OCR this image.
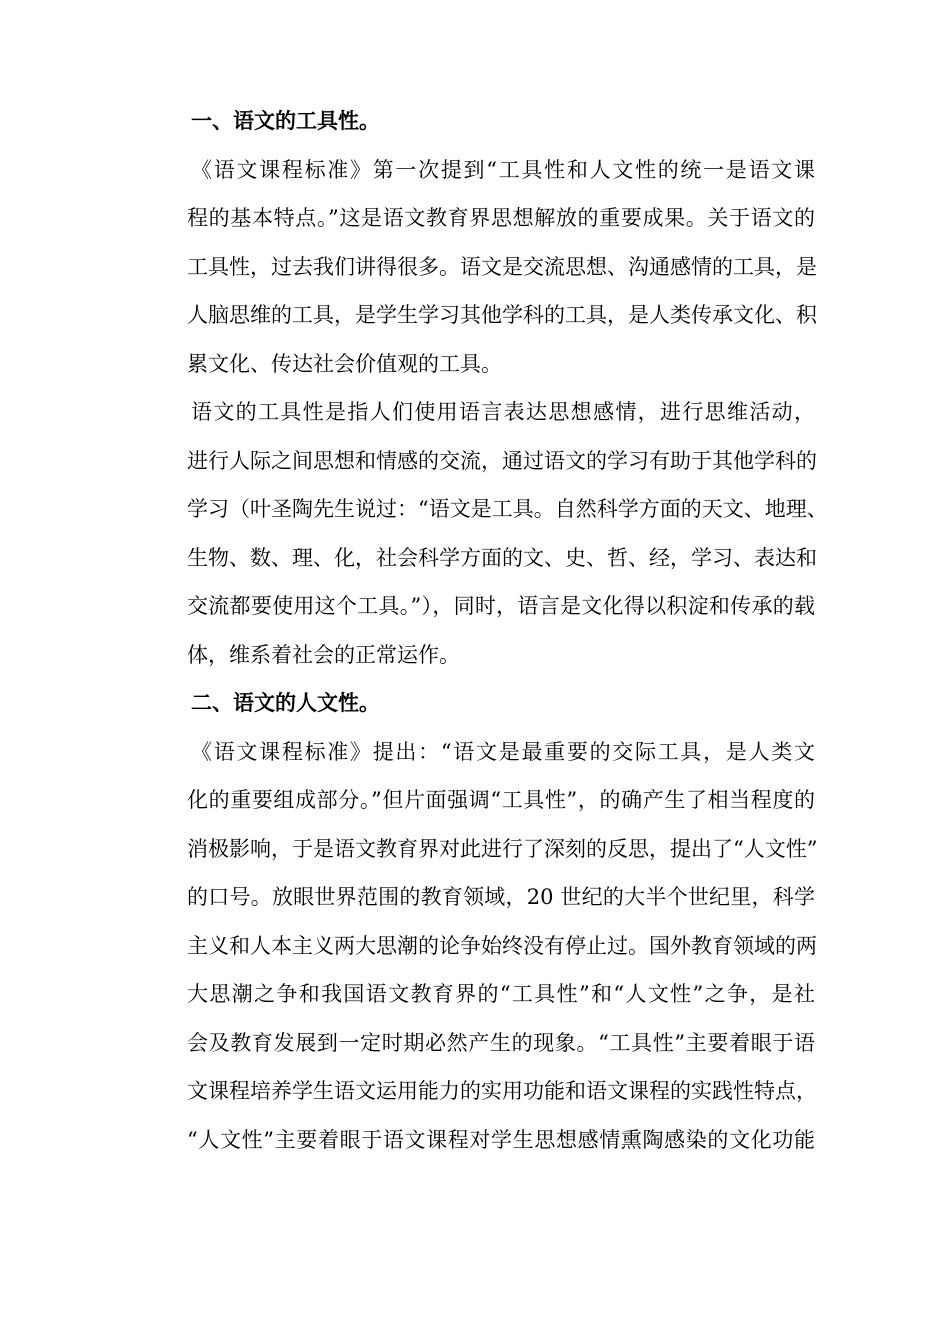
一、语文的工具性。

《语文课程标准》第一次提到“工具性和人文性的统一是语文课
程的基本特点。”这是语文教育界思想解放的重要成果。关于语文的
工具性，过去我们讲得很多。语文是交流思想、沟通感情的工具，是
人脑思维的工具，是学生学习其他学科的工具，是人类传承文化、积
累文化、传达社会价值观的工具。
语文的工具性是指人们使用语言表达思想感情，进行思维活动，
进行人际之间思想和情感的交流，通过语文的学习有助于其他学科的
学习（叶圣陶先生说过：“语文是工具。自然科学方面的天文、地理、
生物、数、理、化，社会科学方面的文、史、哲、经，学习、表达和
交流都要使用这个工具。”），同时，语言是文化得以积淀和传承的载
体，维系着社会的正常运作。

二、语文的人文性。

《语文课程标准》提出：“语文是最重要的交际工具，是人类文
化的重要组成部分。”但片面强调“工具性”，的确产生了相当程度的
消极影响，于是语文教育界对此进行了深刻的反思，提出了“人文性”
的口号。放眼世界范围的教育领域，20 世纪的大半个世纪里，科学
主义和人本主义两大思潮的论争始终没有停止过。国外教育领域的两
大思潮之争和我国语文教育界的“工具性”和“人文性”之争，是社
会及教育发展到一定时期必然产生的现象。“工具性”主要着眼于语
文课程培养学生语文运用能力的实用功能和语文课程的实践性特点，
“人文性”主要着眼于语文课程对学生思想感情熏陶感染的文化功能
